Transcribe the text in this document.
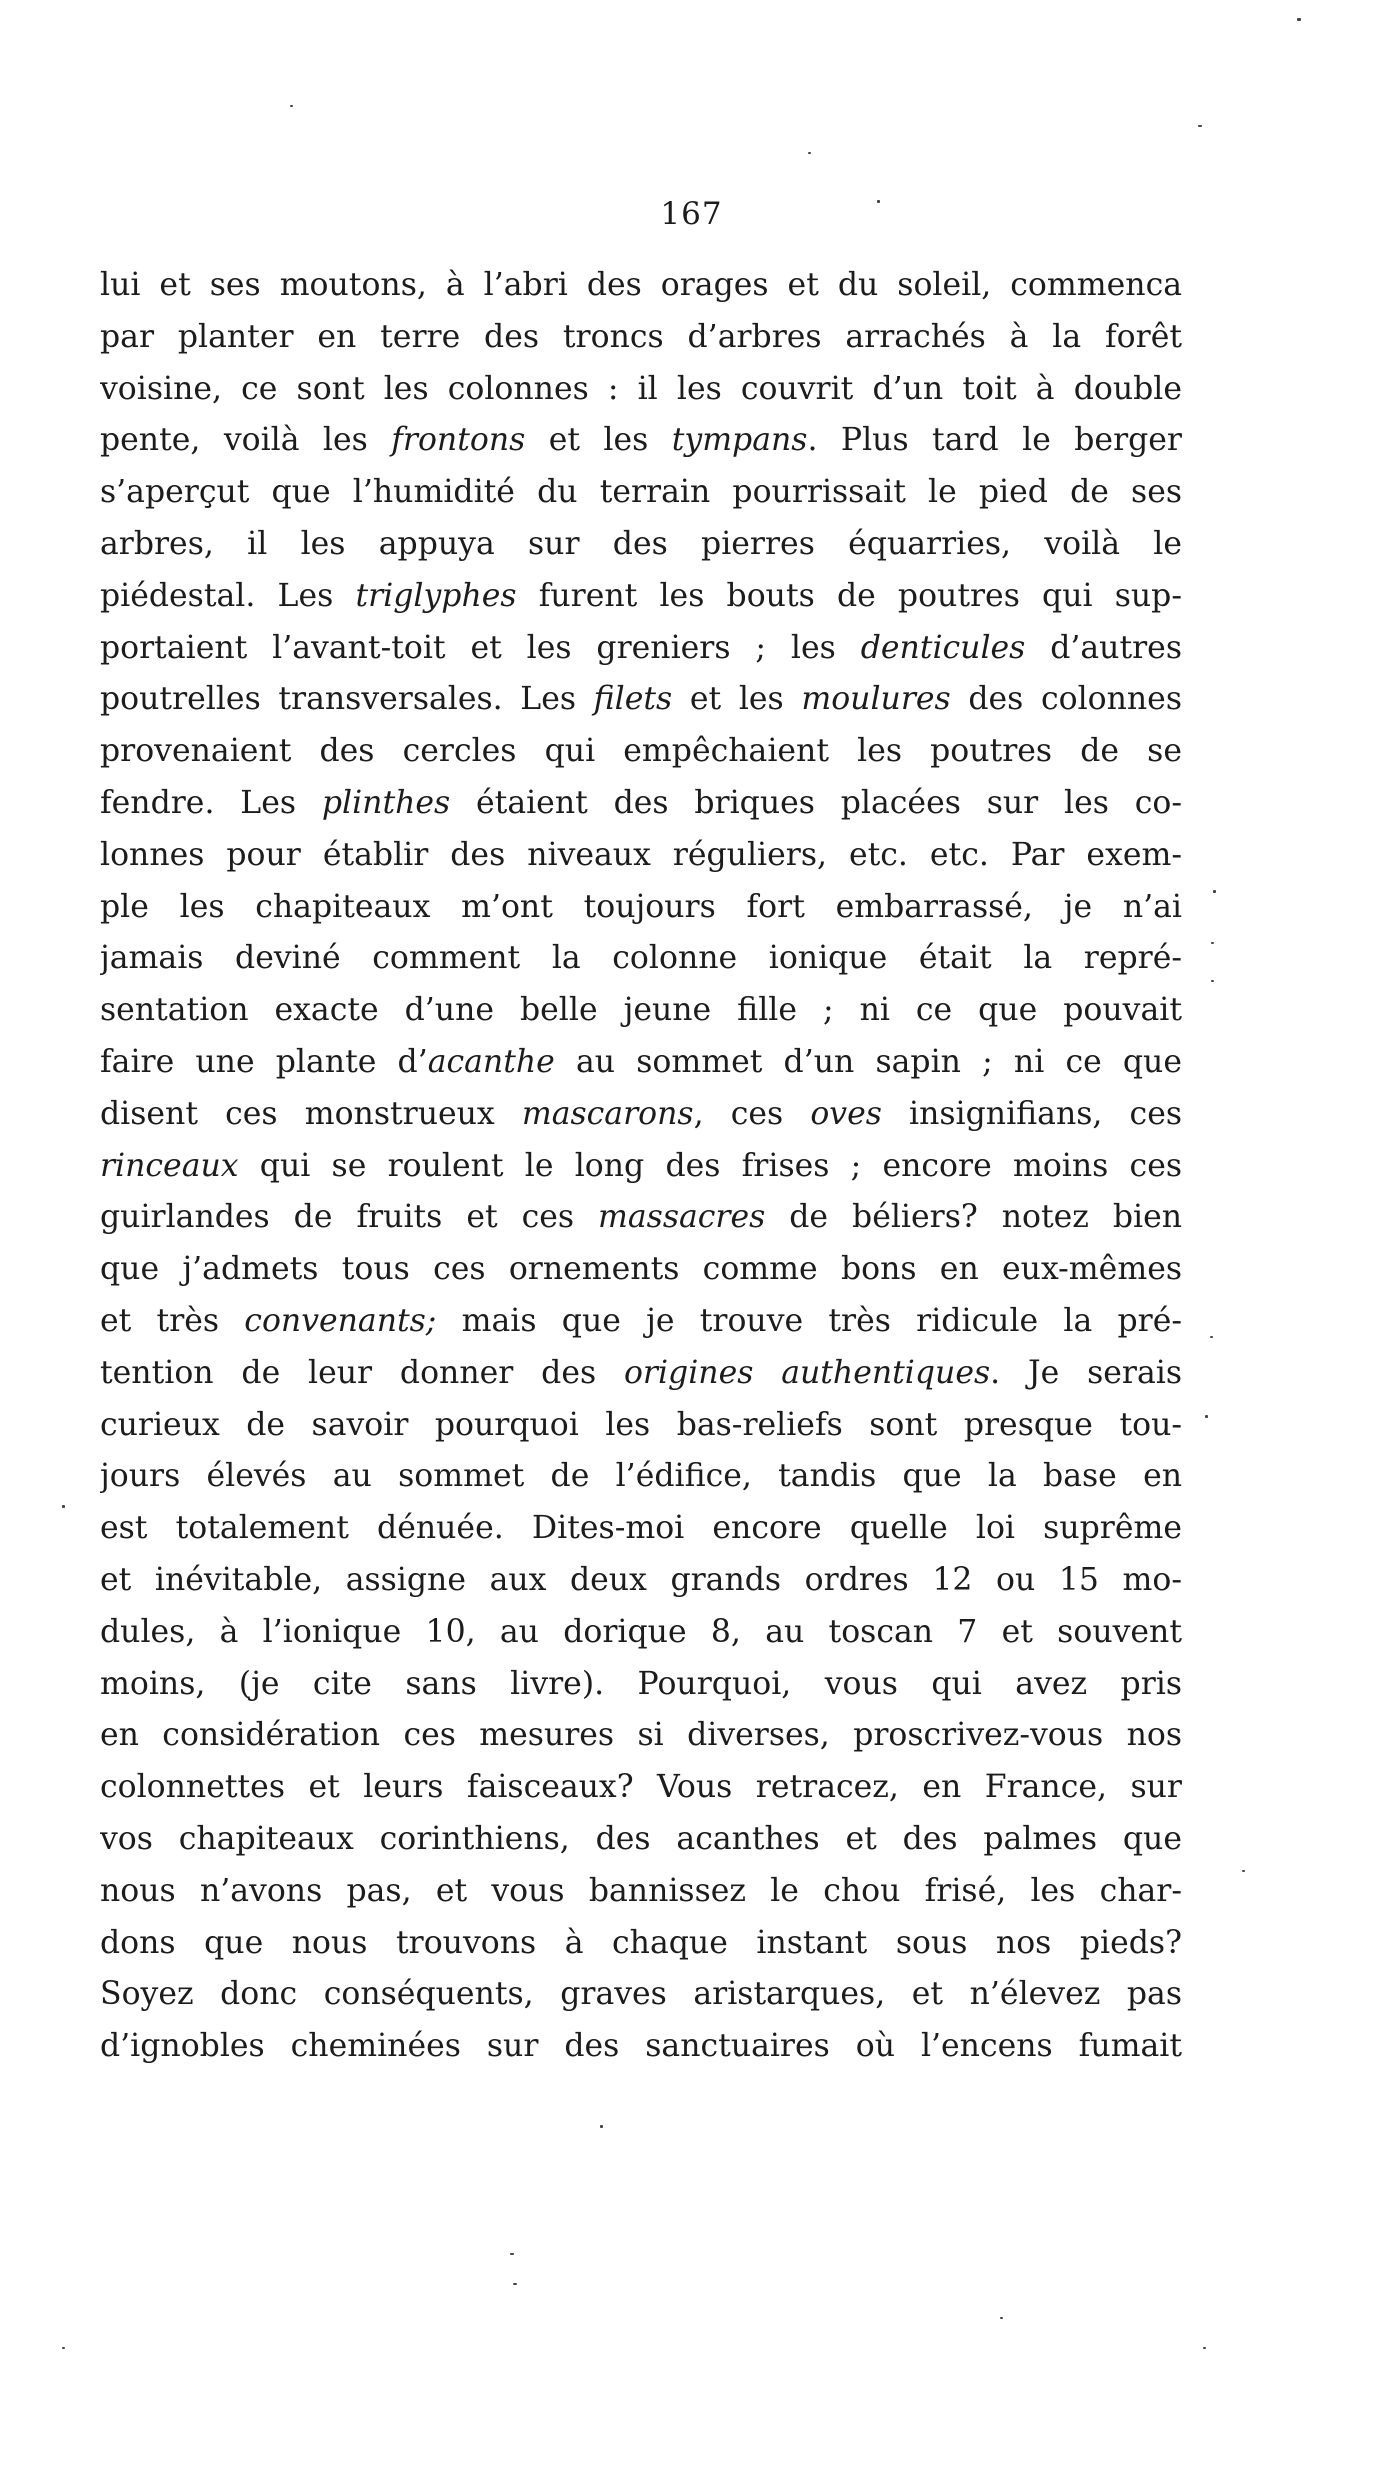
167
lui et ses moutons, à l’abri des orages et du soleil, commenca
par planter en terre des troncs d’arbres arrachés à la forêt
voisine, ce sont les colonnes : il les couvrit d’un toit à double
pente, voilà les frontons et les tympans. Plus tard le berger
s’aperçut que l’humidité du terrain pourrissait le pied de ses
arbres, il les appuya sur des pierres équarries, voilà le
piédestal. Les triglyphes furent les bouts de poutres qui sup-
portaient l’avant-toit et les greniers ; les denticules d’autres
poutrelles transversales. Les filets et les moulures des colonnes
provenaient des cercles qui empêchaient les poutres de se
fendre. Les plinthes étaient des briques placées sur les co-
lonnes pour établir des niveaux réguliers, etc. etc. Par exem-
ple les chapiteaux m’ont toujours fort embarrassé, je n’ai
jamais deviné comment la colonne ionique était la repré-
sentation exacte d’une belle jeune fille ; ni ce que pouvait
faire une plante d’acanthe au sommet d’un sapin ; ni ce que
disent ces monstrueux mascarons, ces oves insignifians, ces
rinceaux qui se roulent le long des frises ; encore moins ces
guirlandes de fruits et ces massacres de béliers? notez bien
que j’admets tous ces ornements comme bons en eux-mêmes
et très convenants; mais que je trouve très ridicule la pré-
tention de leur donner des origines authentiques. Je serais
curieux de savoir pourquoi les bas-reliefs sont presque tou-
jours élevés au sommet de l’édifice, tandis que la base en
est totalement dénuée. Dites-moi encore quelle loi suprême
et inévitable, assigne aux deux grands ordres 12 ou 15 mo-
dules, à l’ionique 10, au dorique 8, au toscan 7 et souvent
moins, (je cite sans livre). Pourquoi, vous qui avez pris
en considération ces mesures si diverses, proscrivez-vous nos
colonnettes et leurs faisceaux? Vous retracez, en France, sur
vos chapiteaux corinthiens, des acanthes et des palmes que
nous n’avons pas, et vous bannissez le chou frisé, les char-
dons que nous trouvons à chaque instant sous nos pieds?
Soyez donc conséquents, graves aristarques, et n’élevez pas
d’ignobles cheminées sur des sanctuaires où l’encens fumait
